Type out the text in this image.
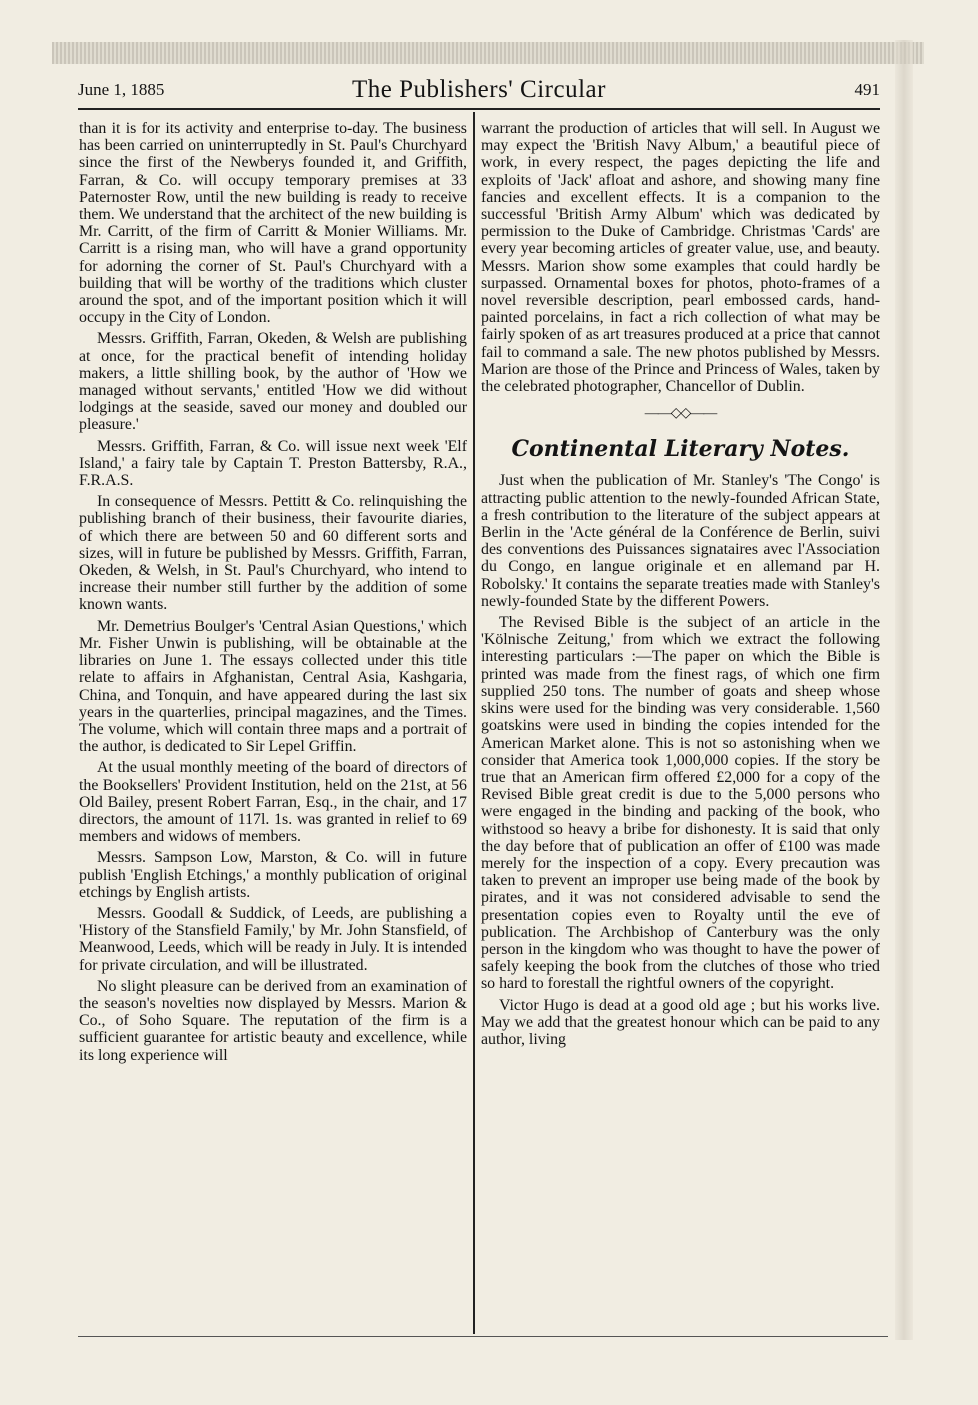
June 1, 1885	The Publishers' Circular	491

than it is for its activity and enterprise to-day. The business has been carried on uninterruptedly in St. Paul's Churchyard since the first of the Newberys founded it, and Griffith, Farran, & Co. will occupy temporary premises at 33 Paternoster Row, until the new building is ready to receive them. We understand that the architect of the new building is Mr. Carritt, of the firm of Carritt & Monier Williams. Mr. Carritt is a rising man, who will have a grand opportunity for adorning the corner of St. Paul's Churchyard with a building that will be worthy of the traditions which cluster around the spot, and of the important position which it will occupy in the City of London.

Messrs. Griffith, Farran, Okeden, & Welsh are publishing at once, for the practical benefit of intending holiday makers, a little shilling book, by the author of 'How we managed without servants,' entitled 'How we did without lodgings at the seaside, saved our money and doubled our pleasure.'

Messrs. Griffith, Farran, & Co. will issue next week 'Elf Island,' a fairy tale by Captain T. Preston Battersby, R.A., F.R.A.S.

In consequence of Messrs. Pettitt & Co. relinquishing the publishing branch of their business, their favourite diaries, of which there are between 50 and 60 different sorts and sizes, will in future be published by Messrs. Griffith, Farran, Okeden, & Welsh, in St. Paul's Churchyard, who intend to increase their number still further by the addition of some known wants.

Mr. Demetrius Boulger's 'Central Asian Questions,' which Mr. Fisher Unwin is publishing, will be obtainable at the libraries on June 1. The essays collected under this title relate to affairs in Afghanistan, Central Asia, Kashgaria, China, and Tonquin, and have appeared during the last six years in the quarterlies, principal magazines, and the Times. The volume, which will contain three maps and a portrait of the author, is dedicated to Sir Lepel Griffin.

At the usual monthly meeting of the board of directors of the Booksellers' Provident Institution, held on the 21st, at 56 Old Bailey, present Robert Farran, Esq., in the chair, and 17 directors, the amount of 117l. 1s. was granted in relief to 69 members and widows of members.

Messrs. Sampson Low, Marston, & Co. will in future publish 'English Etchings,' a monthly publication of original etchings by English artists.

Messrs. Goodall & Suddick, of Leeds, are publishing a 'History of the Stansfield Family,' by Mr. John Stansfield, of Meanwood, Leeds, which will be ready in July. It is intended for private circulation, and will be illustrated.

No slight pleasure can be derived from an examination of the season's novelties now displayed by Messrs. Marion & Co., of Soho Square. The reputation of the firm is a sufficient guarantee for artistic beauty and excellence, while its long experience will

warrant the production of articles that will sell. In August we may expect the 'British Navy Album,' a beautiful piece of work, in every respect, the pages depicting the life and exploits of 'Jack' afloat and ashore, and showing many fine fancies and excellent effects. It is a companion to the successful 'British Army Album' which was dedicated by permission to the Duke of Cambridge. Christmas 'Cards' are every year becoming articles of greater value, use, and beauty. Messrs. Marion show some examples that could hardly be surpassed. Ornamental boxes for photos, photo-frames of a novel reversible description, pearl embossed cards, hand-painted porcelains, in fact a rich collection of what may be fairly spoken of as art treasures produced at a price that cannot fail to command a sale. The new photos published by Messrs. Marion are those of the Prince and Princess of Wales, taken by the celebrated photographer, Chancellor of Dublin.

——◇◇——
Continental Literary Notes.

Just when the publication of Mr. Stanley's 'The Congo' is attracting public attention to the newly-founded African State, a fresh contribution to the literature of the subject appears at Berlin in the 'Acte général de la Conférence de Berlin, suivi des conventions des Puissances signataires avec l'Association du Congo, en langue originale et en allemand par H. Robolsky.' It contains the separate treaties made with Stanley's newly-founded State by the different Powers.

The Revised Bible is the subject of an article in the 'Kölnische Zeitung,' from which we extract the following interesting particulars :—The paper on which the Bible is printed was made from the finest rags, of which one firm supplied 250 tons. The number of goats and sheep whose skins were used for the binding was very considerable. 1,560 goatskins were used in binding the copies intended for the American Market alone. This is not so astonishing when we consider that America took 1,000,000 copies. If the story be true that an American firm offered £2,000 for a copy of the Revised Bible great credit is due to the 5,000 persons who were engaged in the binding and packing of the book, who withstood so heavy a bribe for dishonesty. It is said that only the day before that of publication an offer of £100 was made merely for the inspection of a copy. Every precaution was taken to prevent an improper use being made of the book by pirates, and it was not considered advisable to send the presentation copies even to Royalty until the eve of publication. The Archbishop of Canterbury was the only person in the kingdom who was thought to have the power of safely keeping the book from the clutches of those who tried so hard to forestall the rightful owners of the copyright.

Victor Hugo is dead at a good old age ; but his works live. May we add that the greatest honour which can be paid to any author, living
